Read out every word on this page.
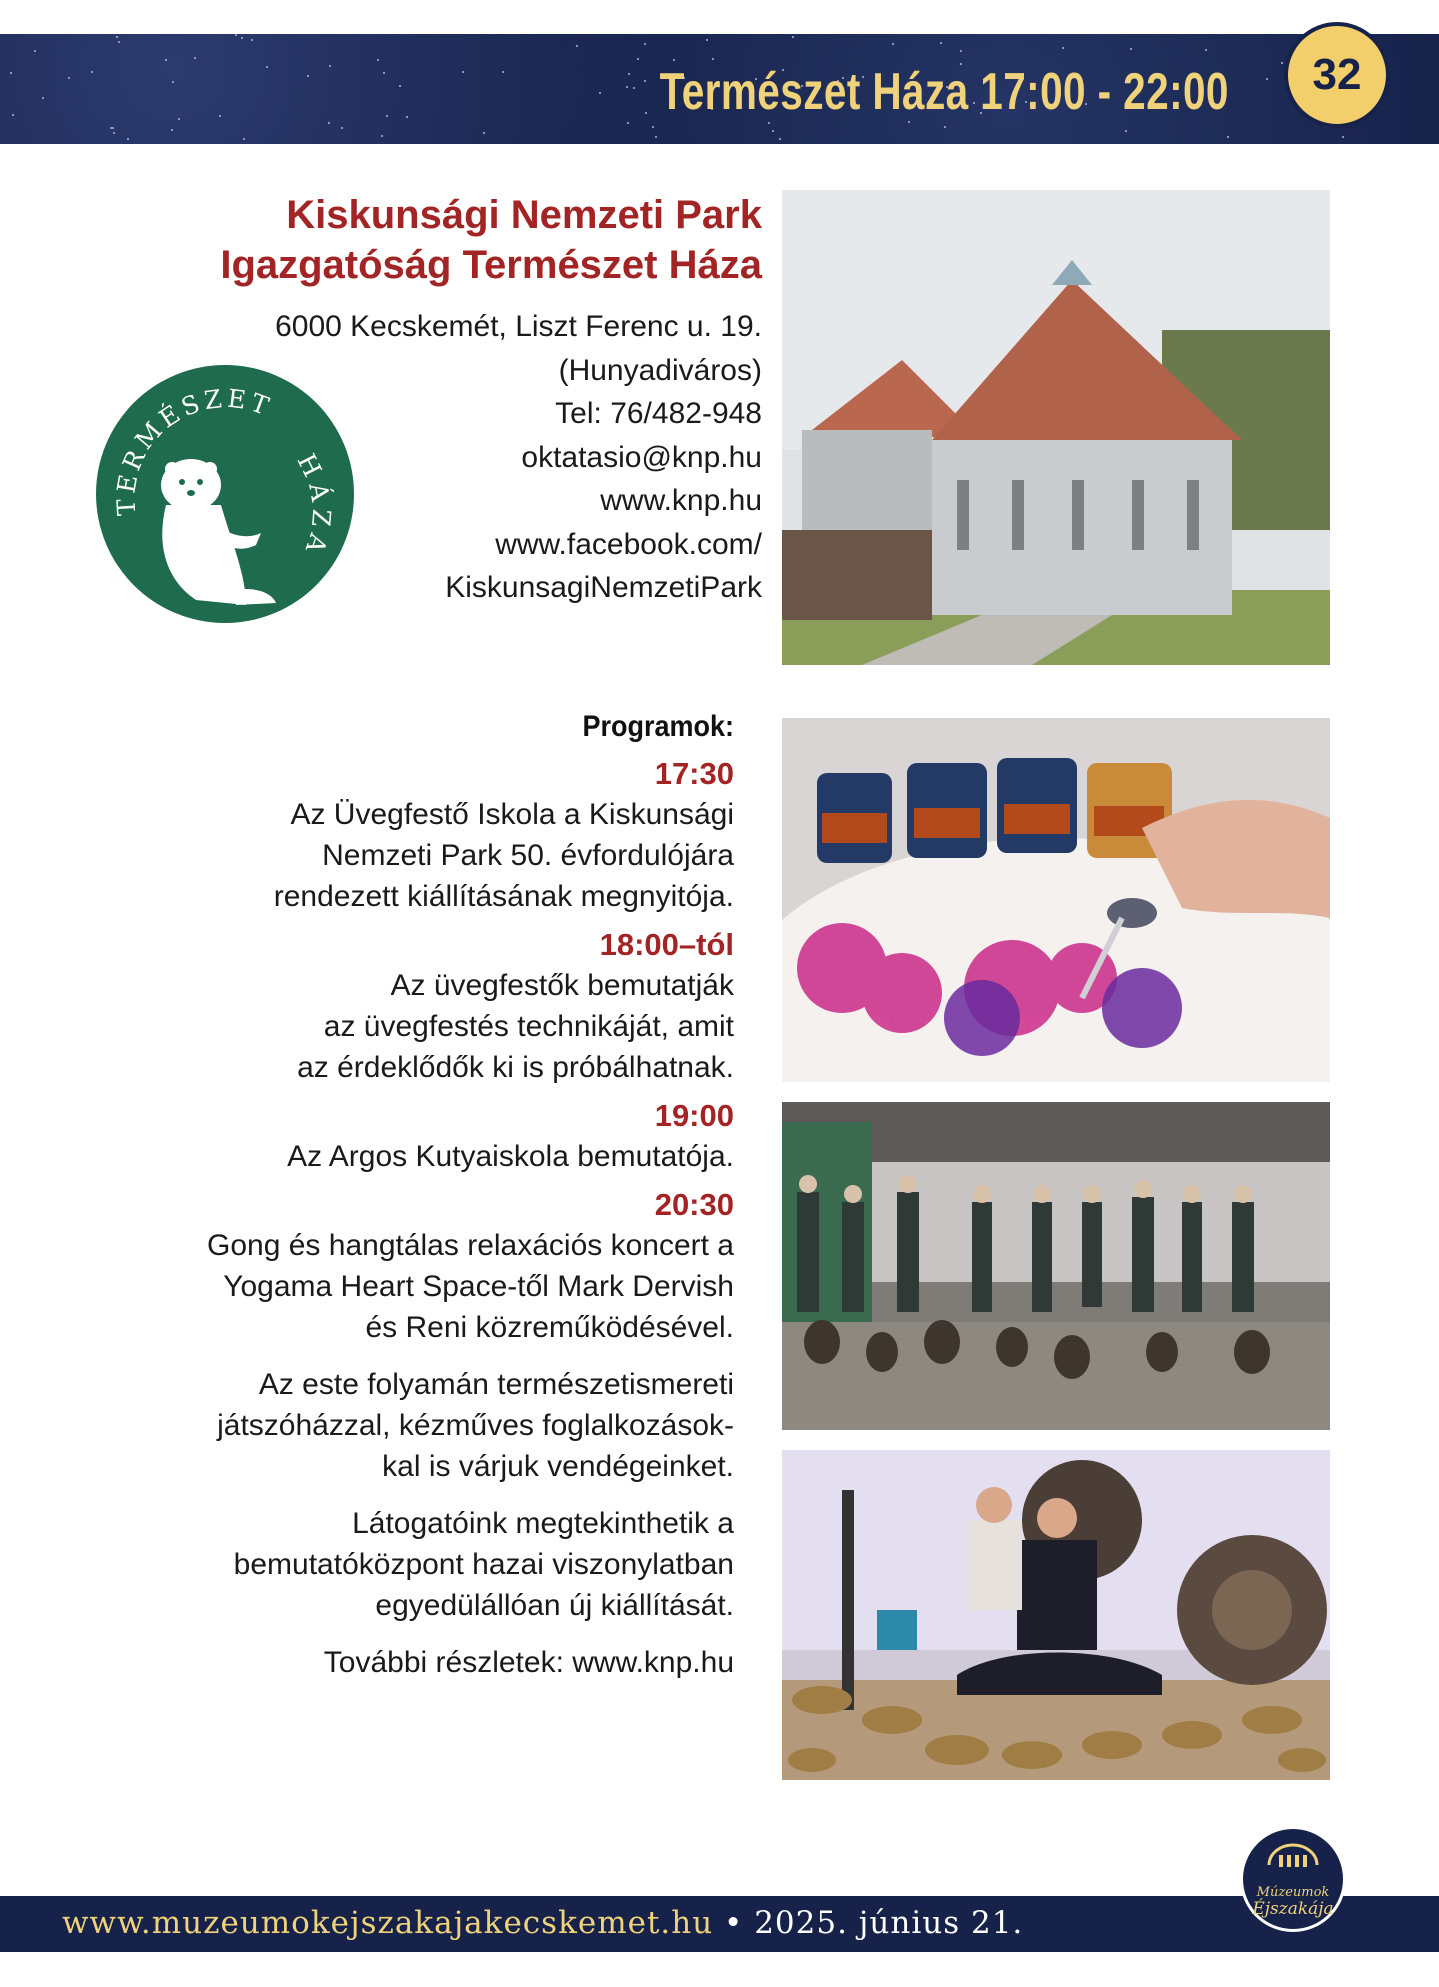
Természet Háza 17:00 - 22:00	32
Kiskunsági Nemzeti Park
Igazgatóság Természet Háza
6000 Kecskemét, Liszt Ferenc u. 19.
(Hunyadiváros)
Tel: 76/482-948
oktatasio@knp.hu
www.knp.hu
www.facebook.com/
KiskunsagiNemzetiPark
TERMÉSZET
HÁZA
Programok:
17:30
Az Üvegfestő Iskola a Kiskunsági
Nemzeti Park 50. évfordulójára
rendezett kiállításának megnyitója.
18:00–tól
Az üvegfestők bemutatják
az üvegfestés technikáját, amit
az érdeklődők ki is próbálhatnak.
19:00
Az Argos Kutyaiskola bemutatója.
20:30
Gong és hangtálas relaxációs koncert a
Yogama Heart Space-től Mark Dervish
és Reni közreműködésével.
Az este folyamán természetismereti
játszóházzal, kézműves foglalkozások-
kal is várjuk vendégeinket.
Látogatóink megtekinthetik a
bemutatóközpont hazai viszonylatban
egyedülállóan új kiállítását.
További részletek: www.knp.hu
www.muzeumokejszakajakecskemet.hu • 2025. június 21.
Múzeumok
Éjszakája
